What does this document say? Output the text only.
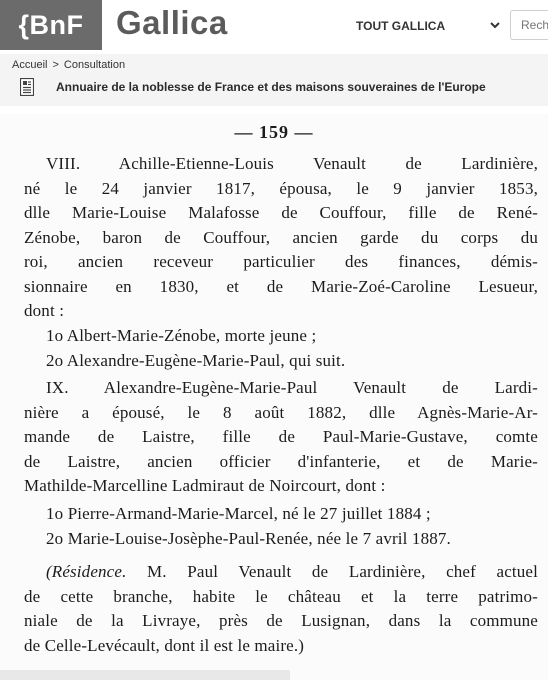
{BnF Gallica	TOUT GALLICA
Rech
Accueil > Consultation
Annuaire de la noblesse de France et des maisons souveraines de l'Europe
— 159 —
VIII. Achille-Etienne-Louis Venault de Lardinière,
né le 24 janvier 1817, épousa, le 9 janvier 1853,
dlle Marie-Louise Malafosse de Couffour, fille de René-
Zénobe, baron de Couffour, ancien garde du corps du
roi, ancien receveur particulier des finances, démis-
sionnaire en 1830, et de Marie-Zoé-Caroline Lesueur,
dont :
1o Albert-Marie-Zénobe, morte jeune ;
2o Alexandre-Eugène-Marie-Paul, qui suit.
IX. Alexandre-Eugène-Marie-Paul Venault de Lardi-
nière a épousé, le 8 août 1882, dlle Agnès-Marie-Ar-
mande de Laistre, fille de Paul-Marie-Gustave, comte
de Laistre, ancien officier d'infanterie, et de Marie-
Mathilde-Marcelline Ladmiraut de Noircourt, dont :
1o Pierre-Armand-Marie-Marcel, né le 27 juillet 1884 ;
2o Marie-Louise-Josèphe-Paul-Renée, née le 7 avril 1887.
(Résidence. M. Paul Venault de Lardinière, chef actuel
de cette branche, habite le château et la terre patrimo-
niale de la Livraye, près de Lusignan, dans la commune
de Celle-Levécault, dont il est le maire.)
